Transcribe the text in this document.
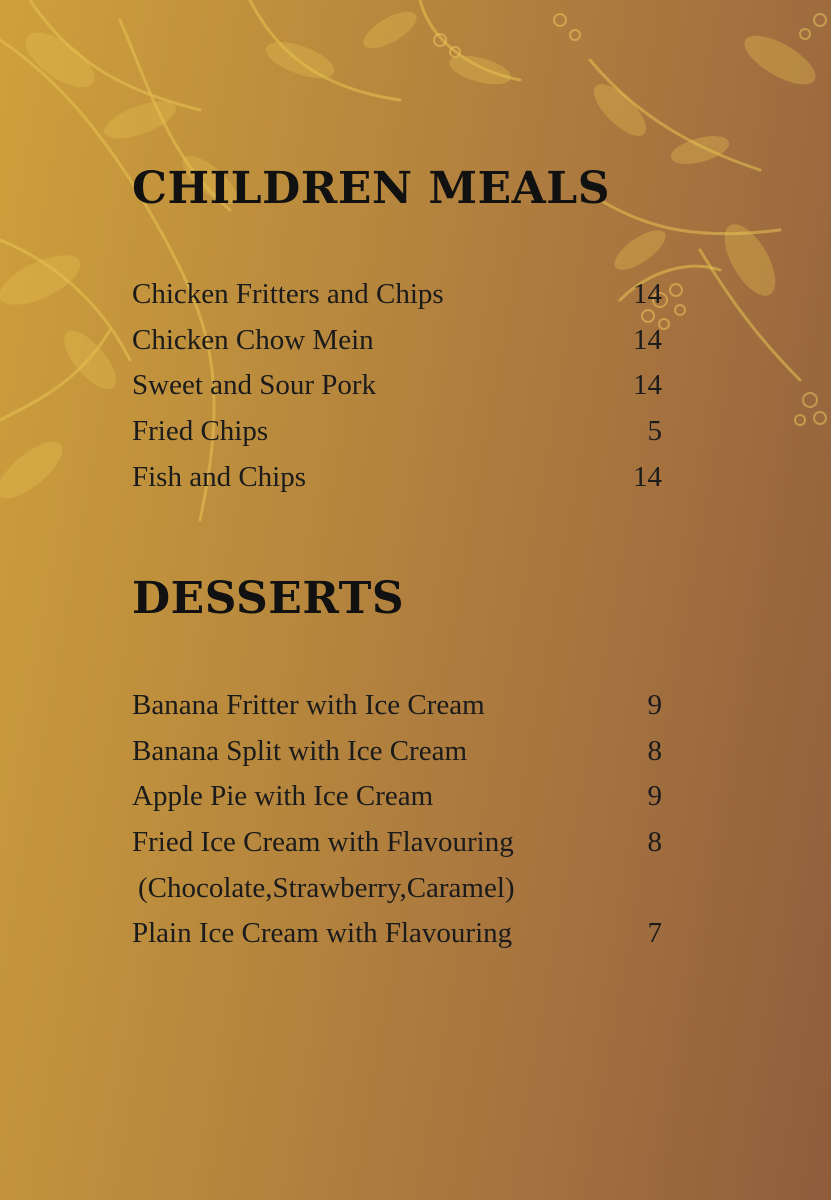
CHILDREN MEALS
Chicken Fritters and Chips	14
Chicken Chow Mein	14
Sweet and Sour Pork	14
Fried Chips	5
Fish and Chips	14
DESSERTS
Banana Fritter with Ice Cream	9
Banana Split with Ice Cream	8
Apple Pie with Ice Cream	9
Fried Ice Cream with Flavouring	8
(Chocolate,Strawberry,Caramel)
Plain Ice Cream with Flavouring	7
